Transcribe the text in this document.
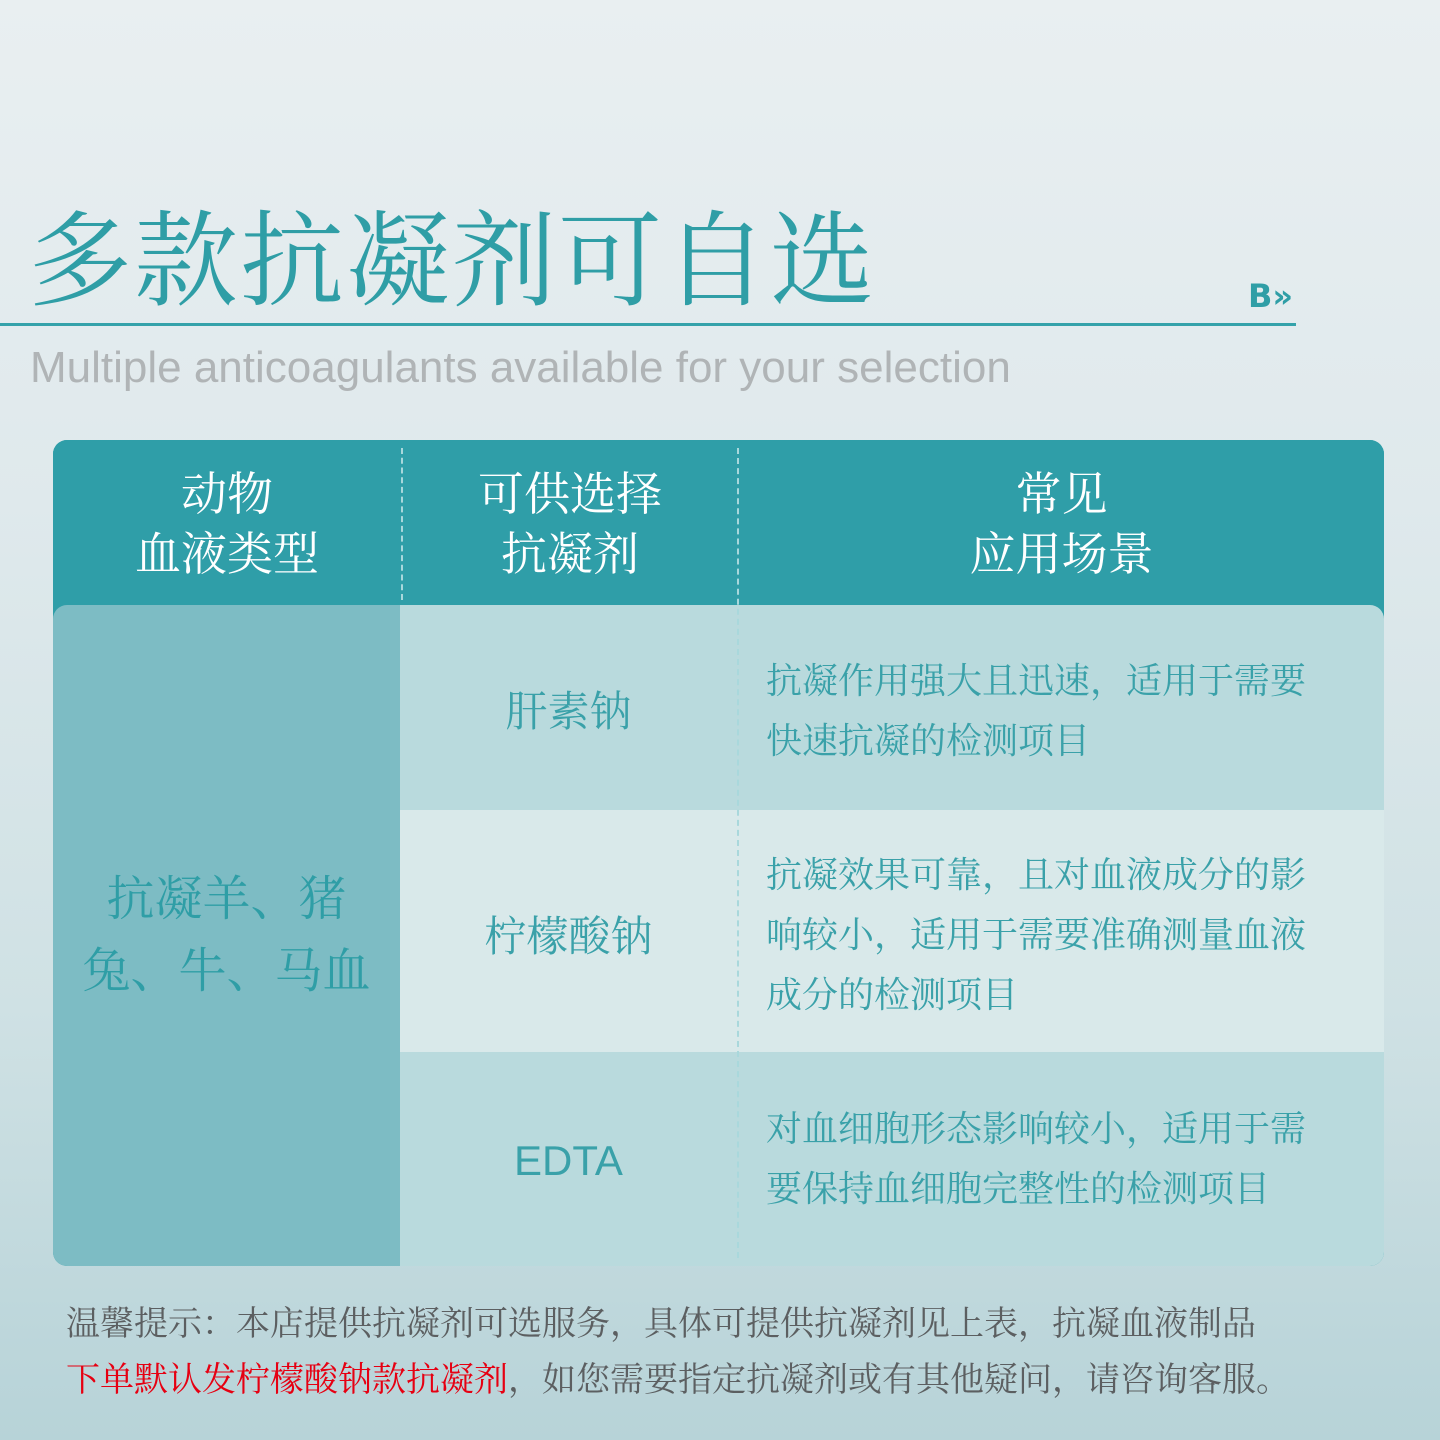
多款抗凝剂可自选	B»
Multiple anticoagulants available for your selection
动物
血液类型
可供选择
抗凝剂
常见
应用场景
抗凝羊、猪
兔、牛、马血
肝素钠
抗凝作用强大且迅速，适用于需要
快速抗凝的检测项目
柠檬酸钠
抗凝效果可靠，且对血液成分的影
响较小，适用于需要准确测量血液
成分的检测项目
EDTA
对血细胞形态影响较小，适用于需
要保持血细胞完整性的检测项目
温馨提示：本店提供抗凝剂可选服务，具体可提供抗凝剂见上表，抗凝血液制品
下单默认发柠檬酸钠款抗凝剂，如您需要指定抗凝剂或有其他疑问，请咨询客服。
